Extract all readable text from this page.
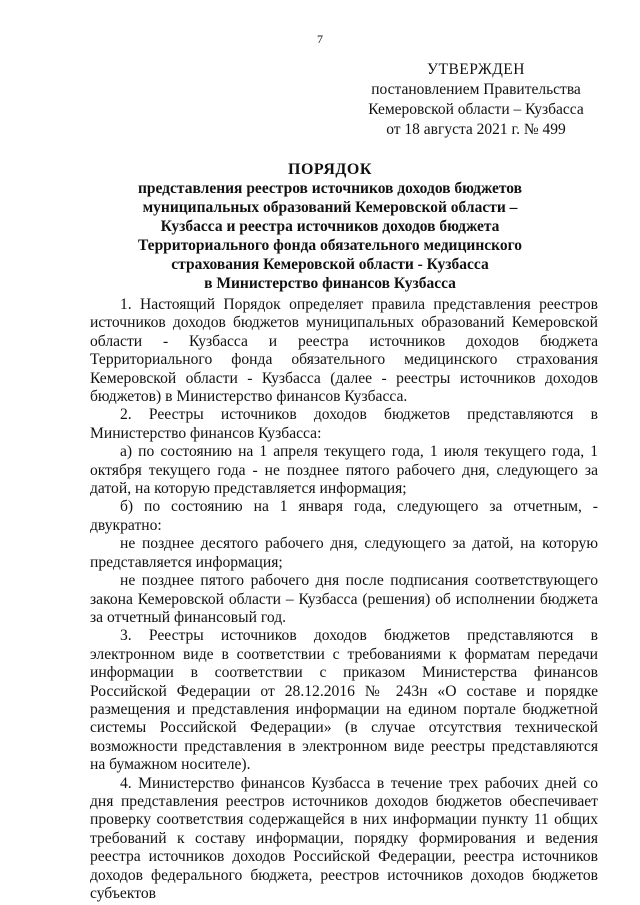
7
УТВЕРЖДЕН
постановлением Правительства
Кемеровской области – Кузбасса
от 18 августа 2021 г. № 499
ПОРЯДОК
представления реестров источников доходов бюджетов
муниципальных образований Кемеровской области –
Кузбасса и реестра источников доходов бюджета
Территориального фонда обязательного медицинского
страхования Кемеровской области - Кузбасса
в Министерство финансов Кузбасса

1. Настоящий Порядок определяет правила представления реестров источников доходов бюджетов муниципальных образований Кемеровской области - Кузбасса и реестра источников доходов бюджета Территориального фонда обязательного медицинского страхования Кемеровской области - Кузбасса (далее - реестры источников доходов бюджетов) в Министерство финансов Кузбасса.

2. Реестры источников доходов бюджетов представляются в Министерство финансов Кузбасса:

а) по состоянию на 1 апреля текущего года, 1 июля текущего года, 1 октября текущего года - не позднее пятого рабочего дня, следующего за датой, на которую представляется информация;

б) по состоянию на 1 января года, следующего за отчетным, - двукратно:

не позднее десятого рабочего дня, следующего за датой, на которую представляется информация;

не позднее пятого рабочего дня после подписания соответствующего закона Кемеровской области – Кузбасса (решения) об исполнении бюджета за отчетный финансовый год.

3. Реестры источников доходов бюджетов представляются в электронном виде в соответствии с требованиями к форматам передачи информации в соответствии с приказом Министерства финансов Российской Федерации от 28.12.2016 № 243н «О составе и порядке размещения и представления информации на едином портале бюджетной системы Российской Федерации» (в случае отсутствия технической возможности представления в электронном виде реестры представляются на бумажном носителе).

4. Министерство финансов Кузбасса в течение трех рабочих дней со дня представления реестров источников доходов бюджетов обеспечивает проверку соответствия содержащейся в них информации пункту 11 общих требований к составу информации, порядку формирования и ведения реестра источников доходов Российской Федерации, реестра источников доходов федерального бюджета, реестров источников доходов бюджетов субъектов
